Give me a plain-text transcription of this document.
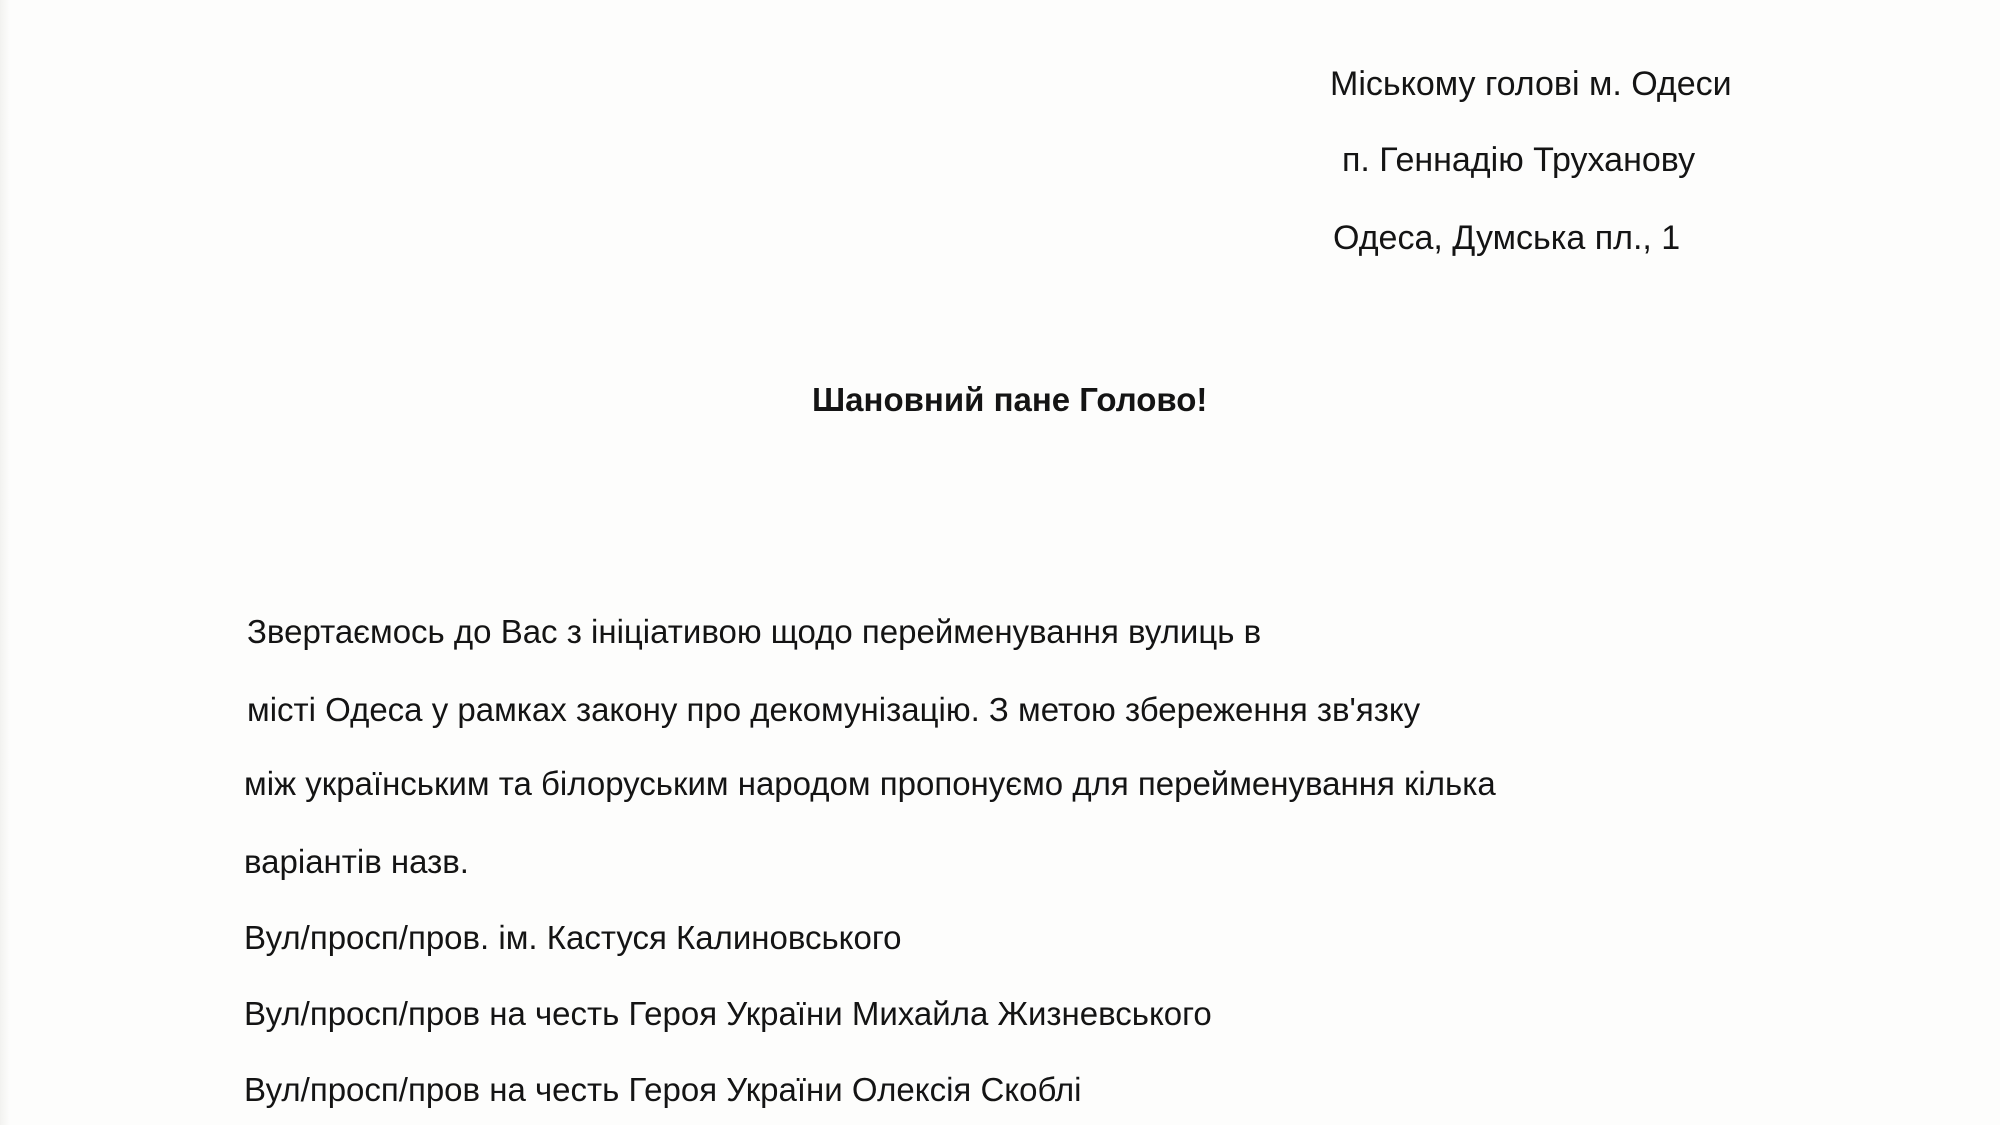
Міському голові м. Одеси
п. Геннадію Труханову
Одеса, Думська пл., 1
Шановний пане Голово!
Звертаємось до Вас з ініціативою щодо перейменування вулиць в
місті Одеса у рамках закону про декомунізацію. З метою збереження зв'язку
між українським та білоруським народом пропонуємо для перейменування кілька
варіантів назв.
Вул/просп/пров. ім. Кастуся Калиновського
Вул/просп/пров на честь Героя України Михайла Жизневського
Вул/просп/пров на честь Героя України Олексія Скоблі
